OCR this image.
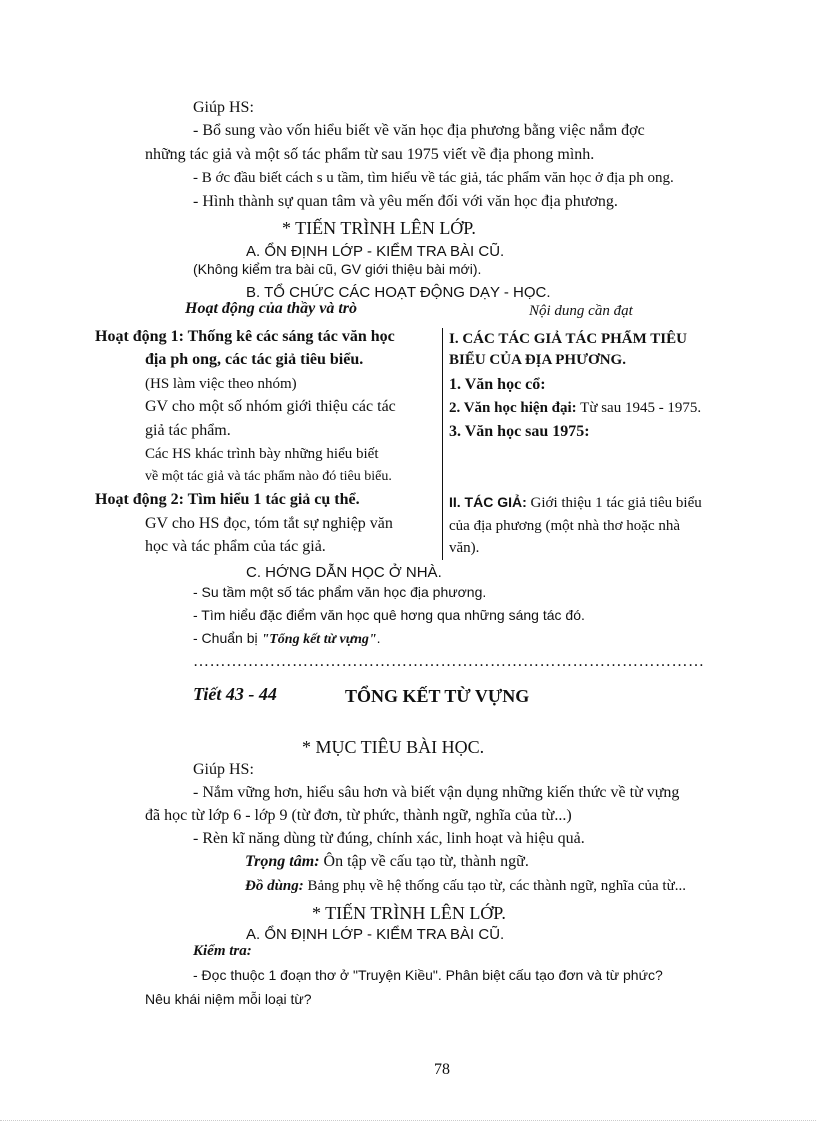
Giúp HS:
- Bổ sung vào vốn hiểu biết về văn học địa phương bằng việc nắm đợc
những tác giả và một số tác phẩm từ sau 1975 viết về địa phong mình.
- B ớc đầu biết cách s u tầm, tìm hiểu về tác giả, tác phẩm văn học ở địa ph ong.
- Hình thành sự quan tâm và yêu mến đối với văn học địa phương.
* TIẾN TRÌNH LÊN LỚP.
A. ỔN ĐỊNH LỚP - KIỂM TRA BÀI CŨ.
(Không kiểm tra bài cũ, GV giới thiệu bài mới).
B. TỔ CHỨC CÁC HOẠT ĐỘNG DẠY - HỌC.
Hoạt động của thầy và trò	Nội dung cần đạt
Hoạt động 1: Thống kê các sáng tác văn học
địa ph ong, các tác giả tiêu biểu.
(HS làm việc theo nhóm)
GV cho một số nhóm giới thiệu các tác
giả tác phẩm.
Các HS khác trình bày những hiểu biết
về một tác giả và tác phẩm nào đó tiêu biểu.
Hoạt động 2: Tìm hiểu 1 tác giả cụ thể.
GV cho HS đọc, tóm tắt sự nghiệp văn
học và tác phẩm của tác giả.
I. CÁC TÁC GIẢ TÁC PHẨM TIÊU
BIỂU CỦA ĐỊA PHƯƠNG.
1. Văn học cổ:
2. Văn học hiện đại: Từ sau 1945 - 1975.
3. Văn học sau 1975:
II. TÁC GIẢ: Giới thiệu 1 tác giả tiêu biểu
của địa phương (một nhà thơ hoặc nhà
văn).
C. HỚNG DẪN HỌC Ở NHÀ.
- Su tầm một số tác phẩm văn học địa phương.
- Tìm hiểu đặc điểm văn học quê hơng qua những sáng tác đó.
- Chuẩn bị "Tổng kết từ vựng".
…………………………………………………………………………………
Tiết 43 - 44	TỔNG KẾT TỪ VỰNG
* MỤC TIÊU BÀI HỌC.
Giúp HS:
- Nắm vững hơn, hiểu sâu hơn và biết vận dụng những kiến thức về từ vựng
đã học từ lớp 6 - lớp 9 (từ đơn, từ phức, thành ngữ, nghĩa của từ...)
- Rèn kĩ năng dùng từ đúng, chính xác, linh hoạt và hiệu quả.
Trọng tâm: Ôn tập về cấu tạo từ, thành ngữ.
Đồ dùng: Bảng phụ về hệ thống cấu tạo từ, các thành ngữ, nghĩa của từ...
* TIẾN TRÌNH LÊN LỚP.
A. ỔN ĐỊNH LỚP - KIỂM TRA BÀI CŨ.
Kiểm tra:
- Đọc thuộc 1 đoạn thơ ở "Truyện Kiều". Phân biệt cấu tạo đơn và từ phức?
Nêu khái niệm mỗi loại từ?
78
